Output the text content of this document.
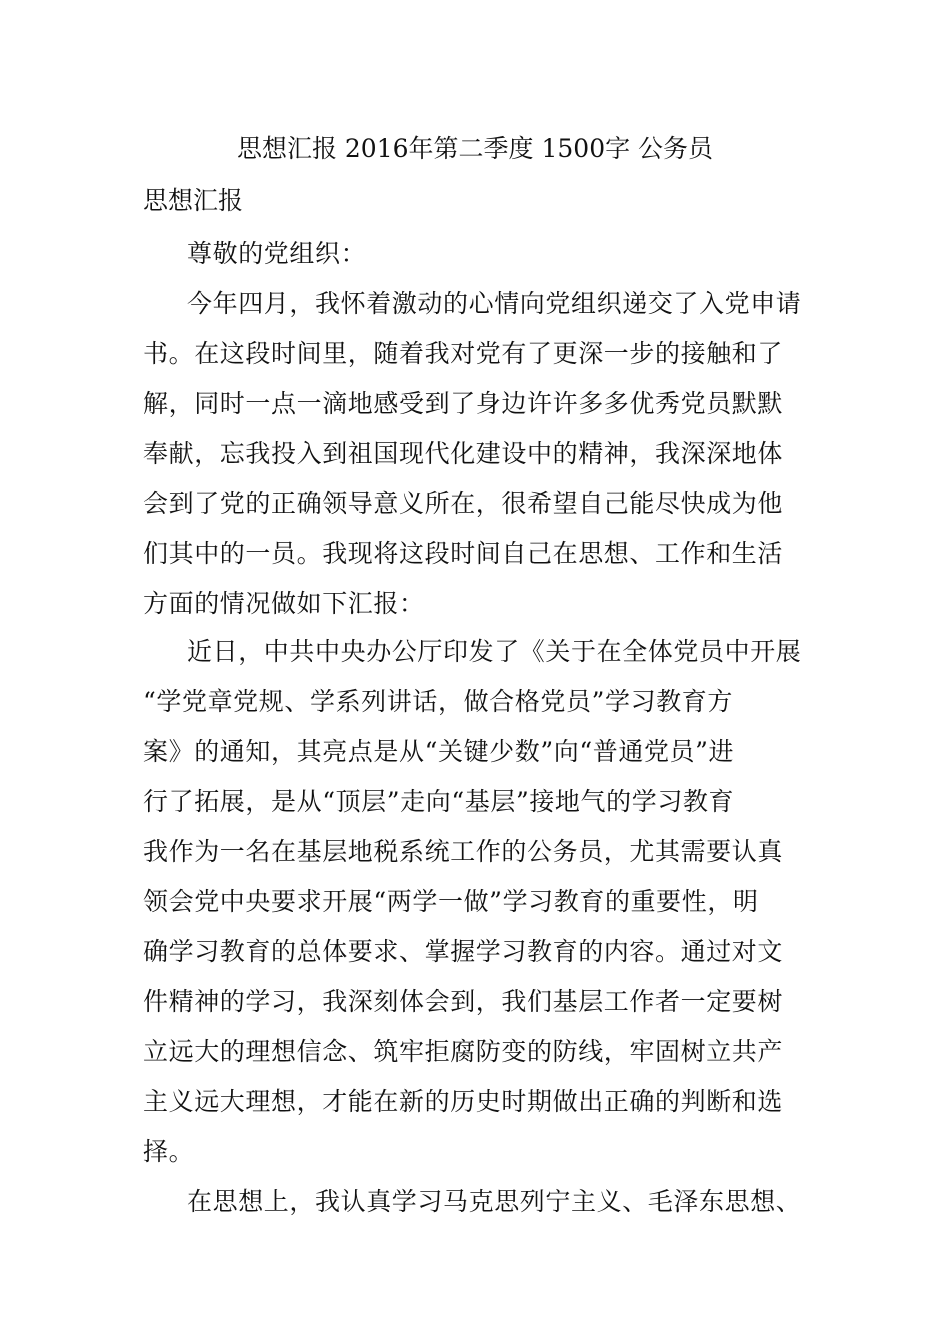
思想汇报 2016年第二季度 1500字 公务员
思想汇报
尊敬的党组织：
今年四月，我怀着激动的心情向党组织递交了入党申请
书。在这段时间里，随着我对党有了更深一步的接触和了
解，同时一点一滴地感受到了身边许许多多优秀党员默默
奉献，忘我投入到祖国现代化建设中的精神，我深深地体
会到了党的正确领导意义所在，很希望自己能尽快成为他
们其中的一员。我现将这段时间自己在思想、工作和生活
方面的情况做如下汇报：
近日，中共中央办公厅印发了《关于在全体党员中开展
“学党章党规、学系列讲话，做合格党员”学习教育方
案》的通知，其亮点是从“关键少数”向“普通党员”进
行了拓展，是从“顶层”走向“基层”接地气的学习教育
我作为一名在基层地税系统工作的公务员，尤其需要认真
领会党中央要求开展“两学一做”学习教育的重要性，明
确学习教育的总体要求、掌握学习教育的内容。通过对文
件精神的学习，我深刻体会到，我们基层工作者一定要树
立远大的理想信念、筑牢拒腐防变的防线，牢固树立共产
主义远大理想，才能在新的历史时期做出正确的判断和选
择。
在思想上，我认真学习马克思列宁主义、毛泽东思想、
